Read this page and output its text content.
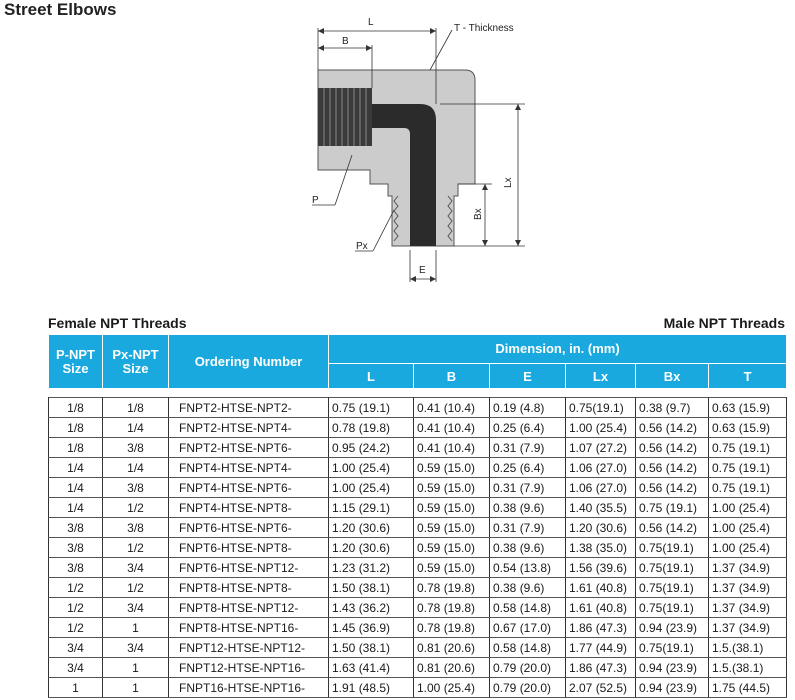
Street Elbows
L
B
T - Thickness
P
Px
E
Lx
Bx
Female NPT Threads	Male NPT Threads
P-NPT Size	Px-NPT Size	Ordering Number	Dimension, in. (mm)					
			L	B	E	Lx	Bx	T

1/8	1/8	FNPT2-HTSE-NPT2-	0.75 (19.1)	0.41 (10.4)	0.19 (4.8)	0.75(19.1)	0.38 (9.7)	0.63 (15.9)
1/8	1/4	FNPT2-HTSE-NPT4-	0.78 (19.8)	0.41 (10.4)	0.25 (6.4)	1.00 (25.4)	0.56 (14.2)	0.63 (15.9)
1/8	3/8	FNPT2-HTSE-NPT6-	0.95 (24.2)	0.41 (10.4)	0.31 (7.9)	1.07 (27.2)	0.56 (14.2)	0.75 (19.1)
1/4	1/4	FNPT4-HTSE-NPT4-	1.00 (25.4)	0.59 (15.0)	0.25 (6.4)	1.06 (27.0)	0.56 (14.2)	0.75 (19.1)
1/4	3/8	FNPT4-HTSE-NPT6-	1.00 (25.4)	0.59 (15.0)	0.31 (7.9)	1.06 (27.0)	0.56 (14.2)	0.75 (19.1)
1/4	1/2	FNPT4-HTSE-NPT8-	1.15 (29.1)	0.59 (15.0)	0.38 (9.6)	1.40 (35.5)	0.75 (19.1)	1.00 (25.4)
3/8	3/8	FNPT6-HTSE-NPT6-	1.20 (30.6)	0.59 (15.0)	0.31 (7.9)	1.20 (30.6)	0.56 (14.2)	1.00 (25.4)
3/8	1/2	FNPT6-HTSE-NPT8-	1.20 (30.6)	0.59 (15.0)	0.38 (9.6)	1.38 (35.0)	0.75(19.1)	1.00 (25.4)
3/8	3/4	FNPT6-HTSE-NPT12-	1.23 (31.2)	0.59 (15.0)	0.54 (13.8)	1.56 (39.6)	0.75(19.1)	1.37 (34.9)
1/2	1/2	FNPT8-HTSE-NPT8-	1.50 (38.1)	0.78 (19.8)	0.38 (9.6)	1.61 (40.8)	0.75(19.1)	1.37 (34.9)
1/2	3/4	FNPT8-HTSE-NPT12-	1.43 (36.2)	0.78 (19.8)	0.58 (14.8)	1.61 (40.8)	0.75(19.1)	1.37 (34.9)
1/2	1	FNPT8-HTSE-NPT16-	1.45 (36.9)	0.78 (19.8)	0.67 (17.0)	1.86 (47.3)	0.94 (23.9)	1.37 (34.9)
3/4	3/4	FNPT12-HTSE-NPT12-	1.50 (38.1)	0.81 (20.6)	0.58 (14.8)	1.77 (44.9)	0.75(19.1)	1.5.(38.1)
3/4	1	FNPT12-HTSE-NPT16-	1.63 (41.4)	0.81 (20.6)	0.79 (20.0)	1.86 (47.3)	0.94 (23.9)	1.5.(38.1)
1	1	FNPT16-HTSE-NPT16-	1.91 (48.5)	1.00 (25.4)	0.79 (20.0)	2.07 (52.5)	0.94 (23.9)	1.75 (44.5)
